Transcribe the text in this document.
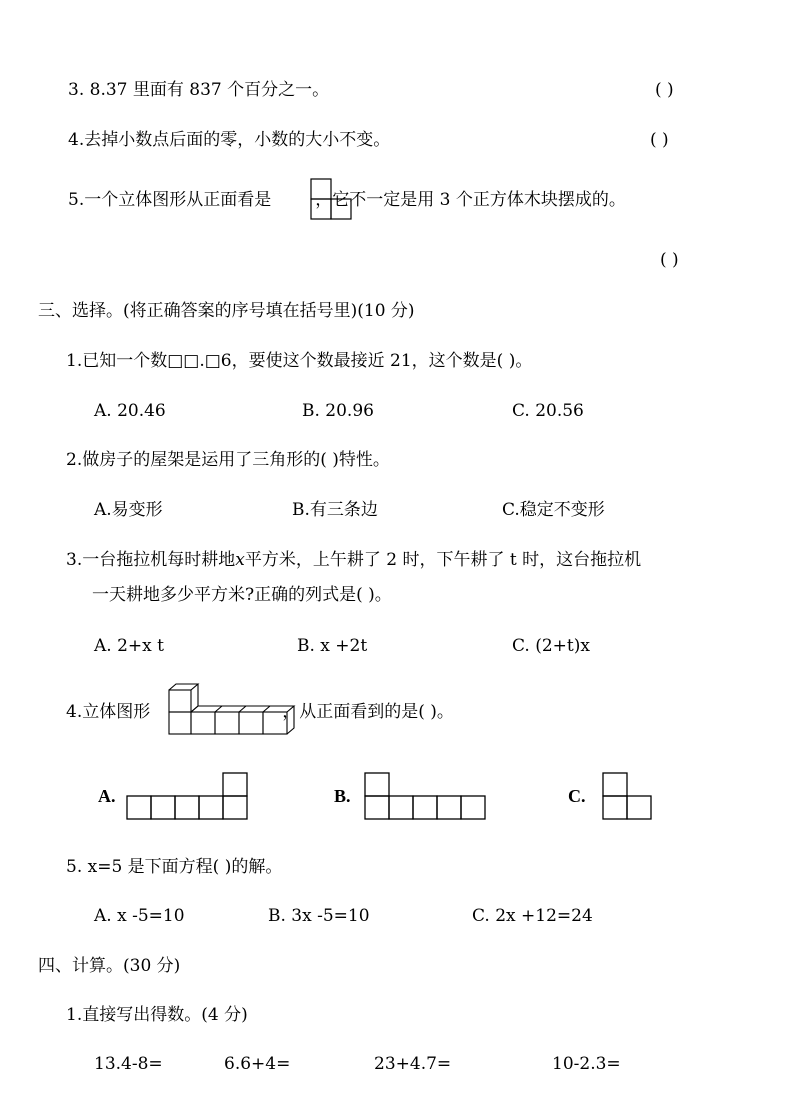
3. 8.37 里面有 837 个百分之一。	( )
4.去掉小数点后面的零，小数的大小不变。	( )
5.一个立体图形从正面看是	，它不一定是用 3 个正方体木块摆成的。
( )
三、选择。(将正确答案的序号填在括号里)(10 分)
1.已知一个数□□.□6，要使这个数最接近 21，这个数是( )。
A. 20.46	B. 20.96	C. 20.56
2.做房子的屋架是运用了三角形的( )特性。
A.易变形	B.有三条边	C.稳定不变形
3.一台拖拉机每时耕地x平方米，上午耕了 2 时，下午耕了 t 时，这台拖拉机
一天耕地多少平方米?正确的列式是( )。
A. 2+x t	B. x +2t	C. (2+t)x
4.立体图形	，从正面看到的是( )。
A.	B.	C.
5. x=5 是下面方程( )的解。
A. x -5=10	B. 3x -5=10	C. 2x +12=24
四、计算。(30 分)
1.直接写出得数。(4 分)
13.4-8=	6.6+4=	23+4.7=	10-2.3=
